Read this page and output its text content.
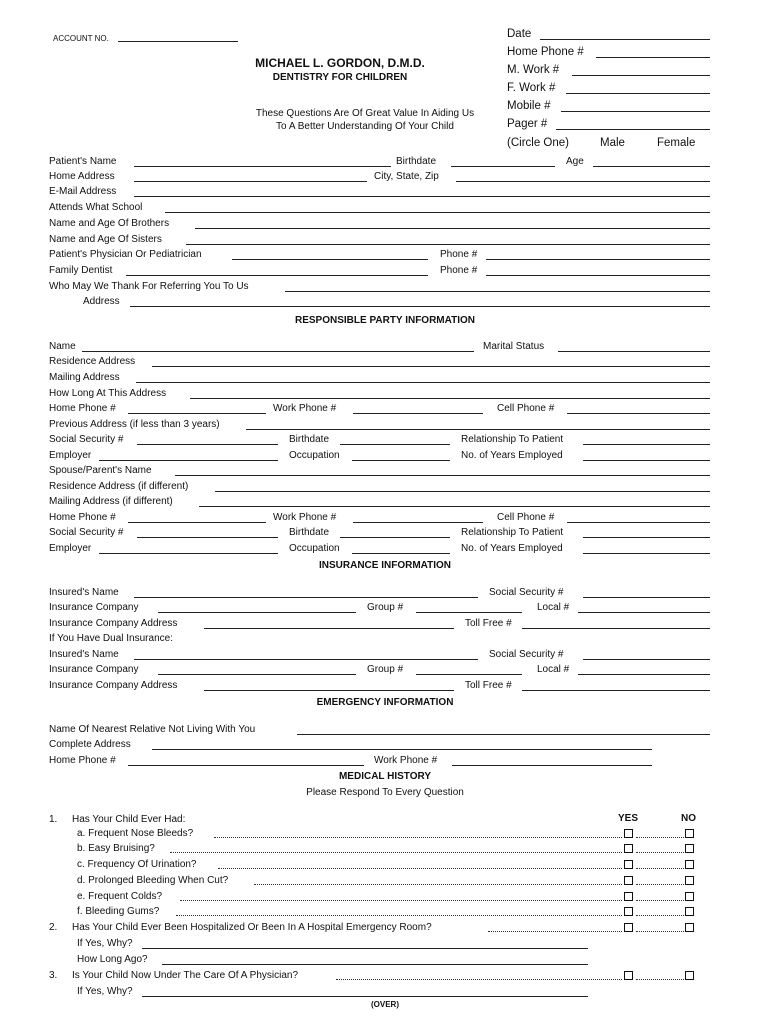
ACCOUNT NO.
MICHAEL L. GORDON, D.M.D.
DENTISTRY FOR CHILDREN
These Questions Are Of Great Value In Aiding Us
To A Better Understanding Of Your Child
Date
Home Phone #
M. Work #
F. Work #
Mobile #
Pager #
(Circle One)	Male	Female
Patient's Name	Birthdate	Age
Home Address	City, State, Zip
E-Mail Address
Attends What School
Name and Age Of Brothers
Name and Age Of Sisters
Patient's Physician Or Pediatrician	Phone #
Family Dentist	Phone #
Who May We Thank For Referring You To Us
Address
RESPONSIBLE PARTY INFORMATION
Name	Marital Status
Residence Address
Mailing Address
How Long At This Address
Home Phone #	Work Phone #	Cell Phone #
Previous Address (if less than 3 years)
Social Security #	Birthdate	Relationship To Patient
Employer	Occupation	No. of Years Employed
Spouse/Parent's Name
Residence Address (if different)
Mailing Address (if different)
Home Phone #	Work Phone #	Cell Phone #
Social Security #	Birthdate	Relationship To Patient
Employer	Occupation	No. of Years Employed
INSURANCE INFORMATION
Insured's Name	Social Security #
Insurance Company	Group #	Local #
Insurance Company Address	Toll Free #
If You Have Dual Insurance:
Insured's Name	Social Security #
Insurance Company	Group #	Local #
Insurance Company Address	Toll Free #
EMERGENCY INFORMATION
Name Of Nearest Relative Not Living With You
Complete Address
Home Phone #	Work Phone #
MEDICAL HISTORY
Please Respond To Every Question
YES	NO
1. Has Your Child Ever Had:
a. Frequent Nose Bleeds?
b. Easy Bruising?
c. Frequency Of Urination?
d. Prolonged Bleeding When Cut?
e. Frequent Colds?
f. Bleeding Gums?
2. Has Your Child Ever Been Hospitalized Or Been In A Hospital Emergency Room?
If Yes, Why?
How Long Ago?
3. Is Your Child Now Under The Care Of A Physician?
If Yes, Why?
(OVER)
